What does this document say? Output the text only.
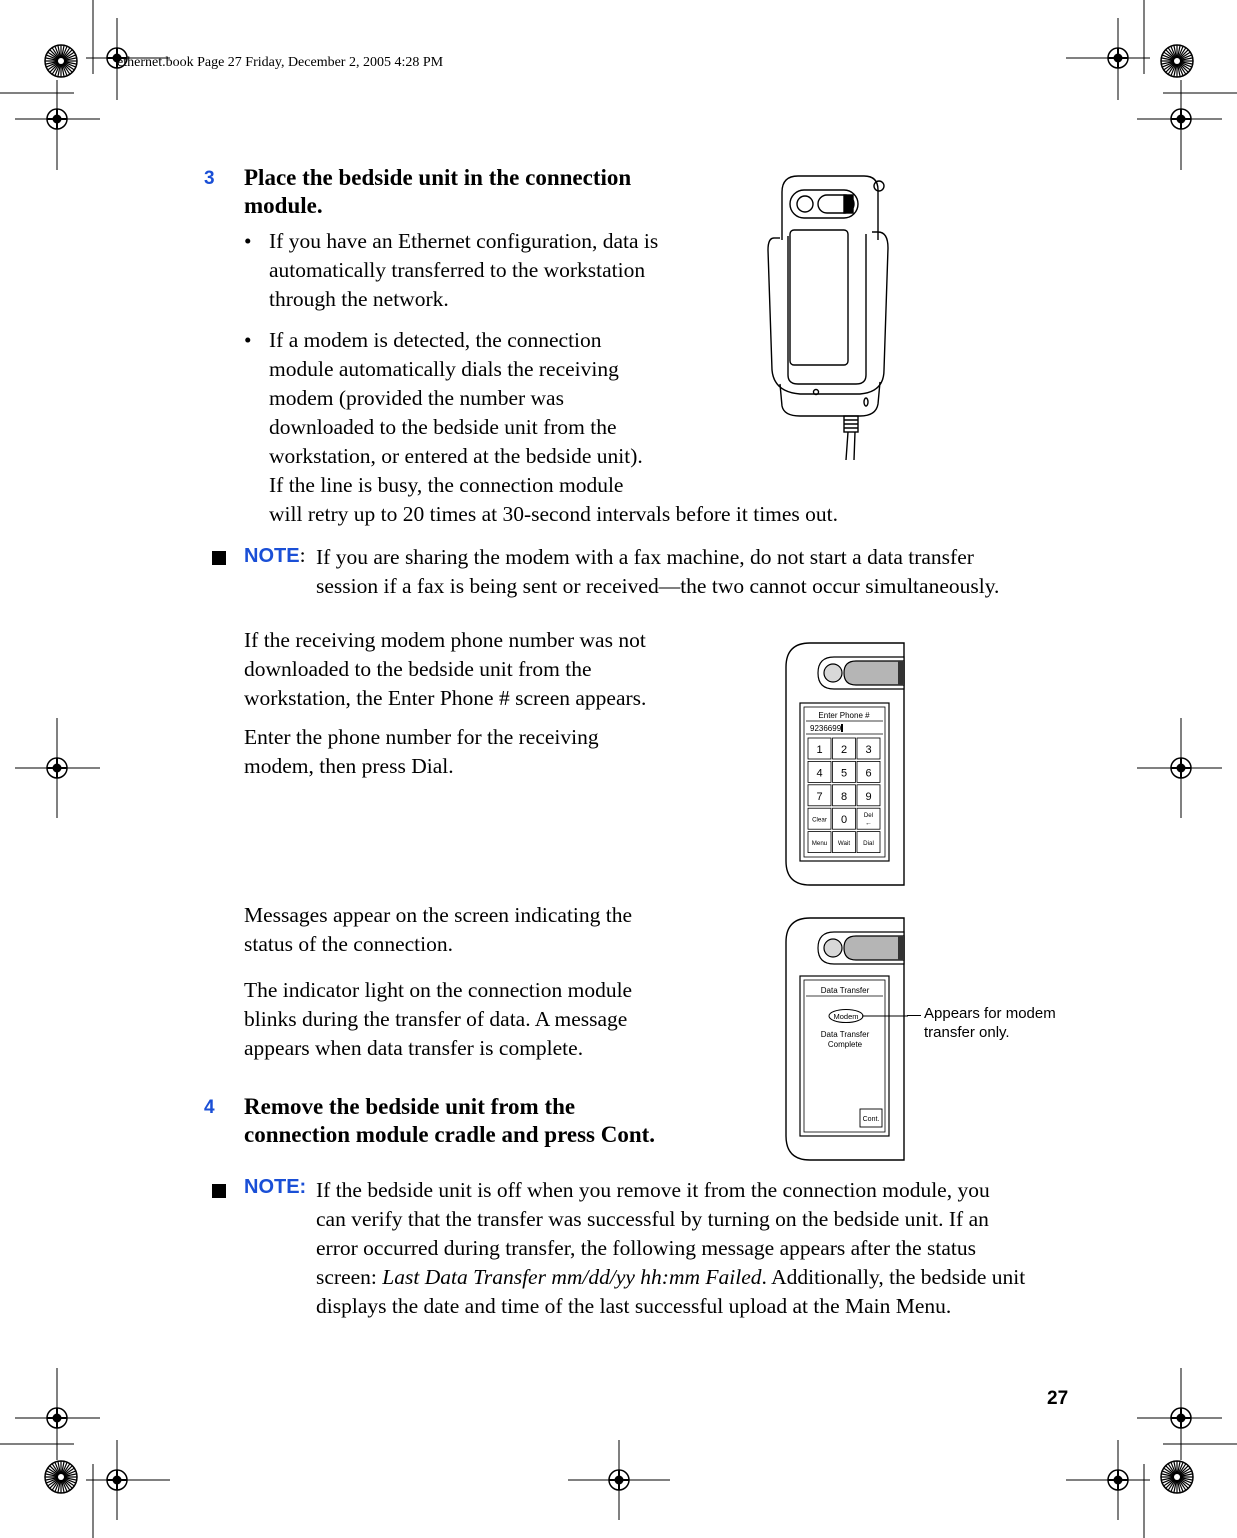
ethernet.book Page 27 Friday, December 2, 2005 4:28 PM
3 Place the bedside unit in the connection
module.
• If you have an Ethernet configuration, data is
automatically transferred to the workstation
through the network.
• If a modem is detected, the connection
module automatically dials the receiving
modem (provided the number was
downloaded to the bedside unit from the
workstation, or entered at the bedside unit).
If the line is busy, the connection module
will retry up to 20 times at 30-second intervals before it times out.
NOTE: If you are sharing the modem with a fax machine, do not start a data transfer
session if a fax is being sent or received—the two cannot occur simultaneously.
If the receiving modem phone number was not
downloaded to the bedside unit from the
workstation, the Enter Phone # screen appears.
Enter the phone number for the receiving
modem, then press Dial.
Messages appear on the screen indicating the
status of the connection.
The indicator light on the connection module
blinks during the transfer of data. A message
appears when data transfer is complete.
4 Remove the bedside unit from the
connection module cradle and press Cont.
NOTE: If the bedside unit is off when you remove it from the connection module, you
can verify that the transfer was successful by turning on the bedside unit. If an
error occurred during transfer, the following message appears after the status
screen: Last Data Transfer mm/dd/yy hh:mm Failed. Additionally, the bedside unit
displays the date and time of the last successful upload at the Main Menu.
Enter Phone #
9236699
1 2 3
4 5 6
7 8 9
Clear 0	Del
←
Menu Wait Dial
Data Transfer
Modem
Data Transfer
Complete
Cont.
Appears for modem
transfer only.
27
